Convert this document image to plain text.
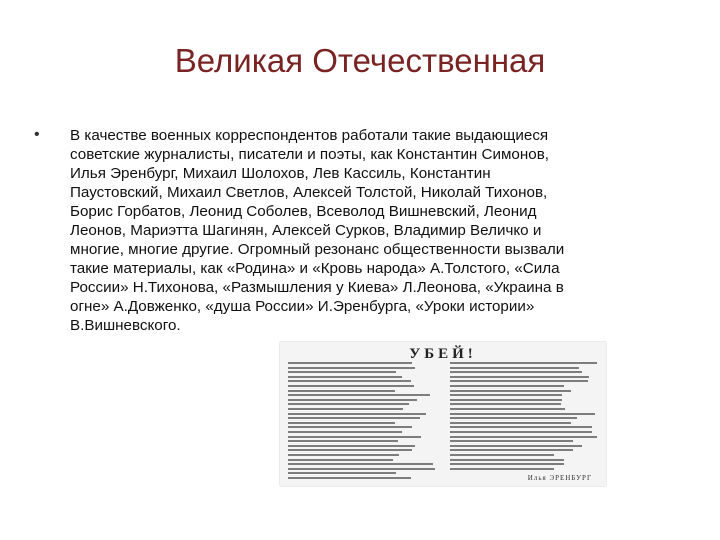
Великая Отечественная
• В качестве военных корреспондентов работали такие выдающиеся
советские журналисты, писатели и поэты, как Константин Симонов,
Илья Эренбург, Михаил Шолохов, Лев Кассиль, Константин
Паустовский, Михаил Светлов, Алексей Толстой, Николай Тихонов,
Борис Горбатов, Леонид Соболев, Всеволод Вишневский, Леонид
Леонов, Мариэтта Шагинян, Алексей Сурков, Владимир Величко и
многие, многие другие. Огромный резонанс общественности вызвали
такие материалы, как «Родина» и «Кровь народа» А.Толстого, «Сила
России» Н.Тихонова, «Размышления у Киева» Л.Леонова, «Украина в
огне» А.Довженко, «душа России» И.Эренбурга, «Уроки истории»
В.Вишневского.

УБЕЙ!
Илья ЭРЕНБУРГ
